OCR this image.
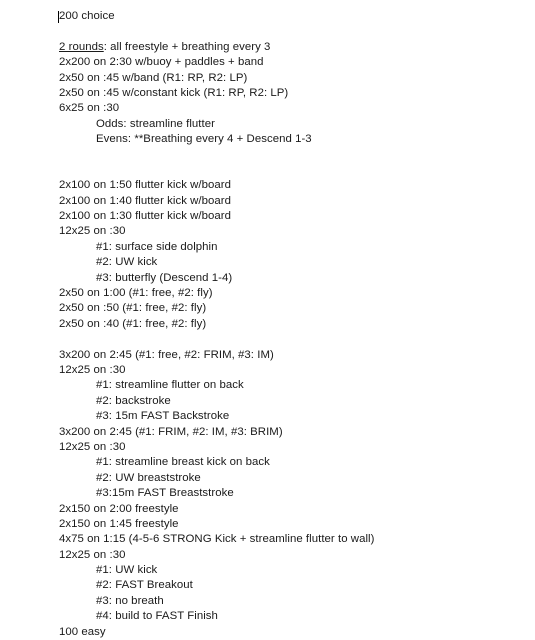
200 choice
2 rounds: all freestyle + breathing every 3
2x200 on 2:30 w/buoy + paddles + band
2x50 on :45 w/band (R1: RP, R2: LP)
2x50 on :45 w/constant kick (R1: RP, R2: LP)
6x25 on :30
Odds: streamline flutter
Evens: **Breathing every 4 + Descend 1-3
2x100 on 1:50 flutter kick w/board
2x100 on 1:40 flutter kick w/board
2x100 on 1:30 flutter kick w/board
12x25 on :30
#1: surface side dolphin
#2: UW kick
#3: butterfly (Descend 1-4)
2x50 on 1:00 (#1: free, #2: fly)
2x50 on :50 (#1: free, #2: fly)
2x50 on :40 (#1: free, #2: fly)
3x200 on 2:45 (#1: free, #2: FRIM, #3: IM)
12x25 on :30
#1: streamline flutter on back
#2: backstroke
#3: 15m FAST Backstroke
3x200 on 2:45 (#1: FRIM, #2: IM, #3: BRIM)
12x25 on :30
#1: streamline breast kick on back
#2: UW breaststroke
#3:15m FAST Breaststroke
2x150 on 2:00 freestyle
2x150 on 1:45 freestyle
4x75 on 1:15 (4-5-6 STRONG Kick + streamline flutter to wall)
12x25 on :30
#1: UW kick
#2: FAST Breakout
#3: no breath
#4: build to FAST Finish
100 easy
